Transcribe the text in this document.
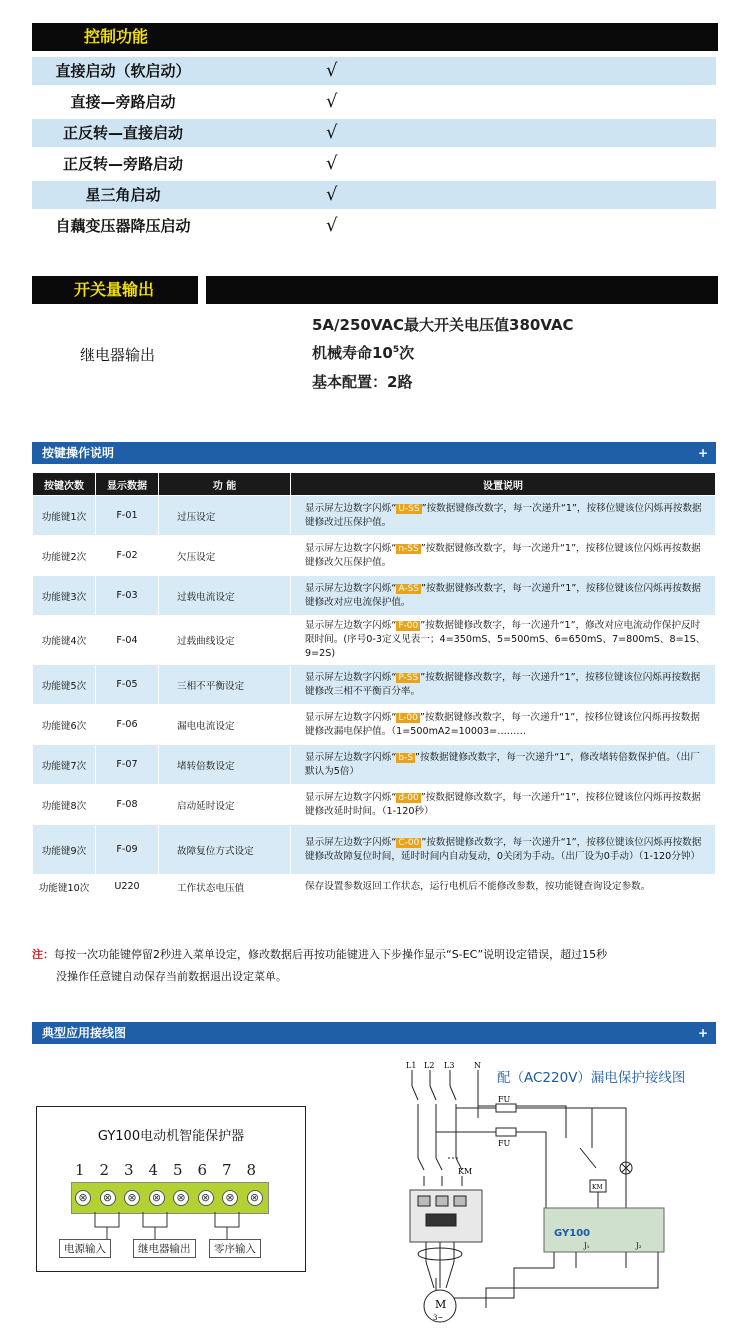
控制功能
直接启动（软启动）	√
直接—旁路启动	√
正反转—直接启动	√
正反转—旁路启动	√
星三角启动	√
自藕变压器降压启动	√
开关量输出
继电器输出
5A/250VAC最大开关电压值380VAC
机械寿命$10^5$次
基本配置：2路
按键操作说明	+
按键次数	显示数据	功 能	设置说明
功能键1次	F-01	过压设定	显示屏左边数字闪烁“ U-SS ”按数据键修改数字，每一次递升“1”，按移位键该位闪烁再按数据键修改过压保护值。
功能键2次	F-02	欠压设定	显示屏左边数字闪烁“ n-SS ”按数据键修改数字，每一次递升“1”，按移位键该位闪烁再按数据键修改欠压保护值。
功能键3次	F-03	过载电流设定	显示屏左边数字闪烁“ A-SS ”按数据键修改数字，每一次递升“1”，按移位键该位闪烁再按数据键修改对应电流保护值。
功能键4次	F-04	过载曲线设定	显示屏左边数字闪烁“ F-00 ”按数据键修改数字，每一次递升“1”，修改对应电流动作保护反时限时间。(序号0-3定义见表一；4=350mS、5=500mS、6=650mS、7=800mS、8=1S、9=2S)
功能键5次	F-05	三相不平衡设定	显示屏左边数字闪烁“ P-SS ”按数据键修改数字，每一次递升“1”，按移位键该位闪烁再按数据键修改三相不平衡百分率。
功能键6次	F-06	漏电电流设定	显示屏左边数字闪烁“ L-00 ”按数据键修改数字，每一次递升“1”，按移位键该位闪烁再按数据键修改漏电保护值。（1=500mA2=10003=………
功能键7次	F-07	堵转倍数设定	显示屏左边数字闪烁“ b-S ”按数据键修改数字，每一次递升“1”，修改堵转倍数保护值。（出厂默认为5倍）
功能键8次	F-08	启动延时设定	显示屏左边数字闪烁“ d-00 ”按数据键修改数字，每一次递升“1”，按移位键该位闪烁再按数据键修改延时时间。（1-120秒）
功能键9次	F-09	故障复位方式设定	显示屏左边数字闪烁“ C-00 ”按数据键修改数字，每一次递升“1”，按移位键该位闪烁再按数据键修改故障复位时间，延时时间内自动复动，0关闭为手动。（出厂设为0手动）（1-120分钟）
功能键10次	U220	工作状态电压值	保存设置参数返回工作状态，运行电机后不能修改参数，按功能键查询设定参数。
注：每按一次功能键停留2秒进入菜单设定，修改数据后再按功能键进入下步操作显示“S-EC”说明设定错误，超过15秒
没操作任意键自动保存当前数据退出设定菜单。
典型应用接线图	+
GY100电动机智能保护器
1 2 3 4 5 6 7 8
⊗	⊗	⊗	⊗	⊗	⊗	⊗	⊗
电源输入	继电器输出	零序输入
配（AC220V）漏电保护接线图
L1 L2 L3 N
FU
FU
KM
KM
GY100
J₁	J₂
M
3~
